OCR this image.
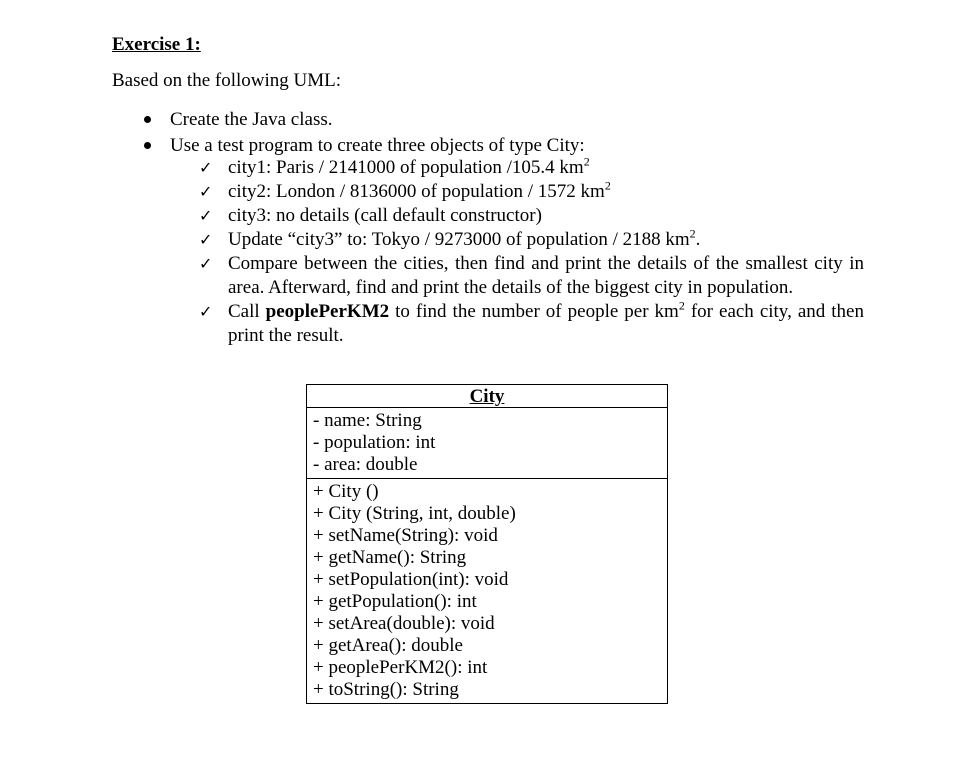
Exercise 1:

Based on the following UML:

Create the Java class.
Use a test program to create three objects of type City:
✓ city1: Paris / 2141000 of population /105.4 $km^2$
✓ city2: London / 8136000 of population / 1572 $km^2$
✓ city3: no details (call default constructor)
✓ Update “city3” to: Tokyo / 9273000 of population / 2188 $km^2$.
✓ Compare between the cities, then find and print the details of the smallest city in area. Afterward, find and print the details of the biggest city in population.
✓ Call peoplePerKM2 to find the number of people per $km^2$ for each city, and then print the result.
City
- name: String
- population: int
- area: double
+ City ()
+ City (String, int, double)
+ setName(String): void
+ getName(): String
+ setPopulation(int): void
+ getPopulation(): int
+ setArea(double): void
+ getArea(): double
+ peoplePerKM2(): int
+ toString(): String
